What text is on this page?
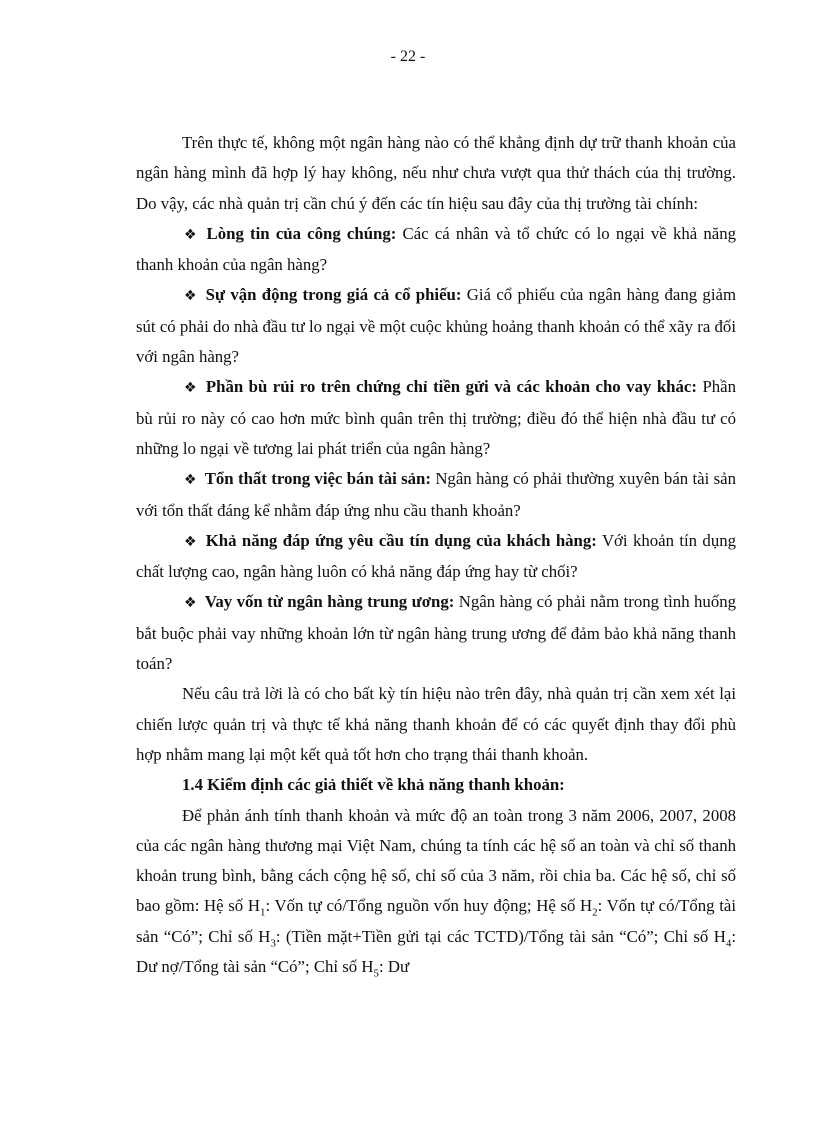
- 22 -

Trên thực tế, không một ngân hàng nào có thể khẳng định dự trữ thanh khoản của ngân hàng mình đã hợp lý hay không, nếu như chưa vượt qua thử thách của thị trường. Do vậy, các nhà quản trị cần chú ý đến các tín hiệu sau đây của thị trường tài chính:

❖ Lòng tin của công chúng: Các cá nhân và tổ chức có lo ngại về khả năng thanh khoản của ngân hàng?

❖ Sự vận động trong giá cả cổ phiếu: Giá cổ phiếu của ngân hàng đang giảm sút có phải do nhà đầu tư lo ngại về một cuộc khủng hoảng thanh khoản có thể xãy ra đối với ngân hàng?

❖ Phần bù rủi ro trên chứng chỉ tiền gửi và các khoản cho vay khác: Phần bù rủi ro này có cao hơn mức bình quân trên thị trường; điều đó thể hiện nhà đầu tư có những lo ngại về tương lai phát triển của ngân hàng?

❖ Tổn thất trong việc bán tài sản: Ngân hàng có phải thường xuyên bán tài sản với tổn thất đáng kể nhằm đáp ứng nhu cầu thanh khoản?

❖ Khả năng đáp ứng yêu cầu tín dụng của khách hàng: Với khoản tín dụng chất lượng cao, ngân hàng luôn có khả năng đáp ứng hay từ chối?

❖ Vay vốn từ ngân hàng trung ương: Ngân hàng có phải nằm trong tình huống bắt buộc phải vay những khoản lớn từ ngân hàng trung ương để đảm bảo khả năng thanh toán?

Nếu câu trả lời là có cho bất kỳ tín hiệu nào trên đây, nhà quản trị cần xem xét lại chiến lược quản trị và thực tế khả năng thanh khoản để có các quyết định thay đổi phù hợp nhằm mang lại một kết quả tốt hơn cho trạng thái thanh khoản.

1.4 Kiểm định các giả thiết về khả năng thanh khoản:

Để phản ánh tính thanh khoản và mức độ an toàn trong 3 năm 2006, 2007, 2008 của các ngân hàng thương mại Việt Nam, chúng ta tính các hệ số an toàn và chỉ số thanh khoản trung bình, bằng cách cộng hệ số, chỉ số của 3 năm, rồi chia ba. Các hệ số, chỉ số bao gồm: Hệ số $H_1$: Vốn tự có/Tổng nguồn vốn huy động; Hệ số $H_2$: Vốn tự có/Tổng tài sản “Có”; Chỉ số $H_3$: (Tiền mặt+Tiền gửi tại các TCTD)/Tổng tài sản “Có”; Chỉ số $H_4$: Dư nợ/Tổng tài sản “Có”; Chỉ số $H_5$: Dư
